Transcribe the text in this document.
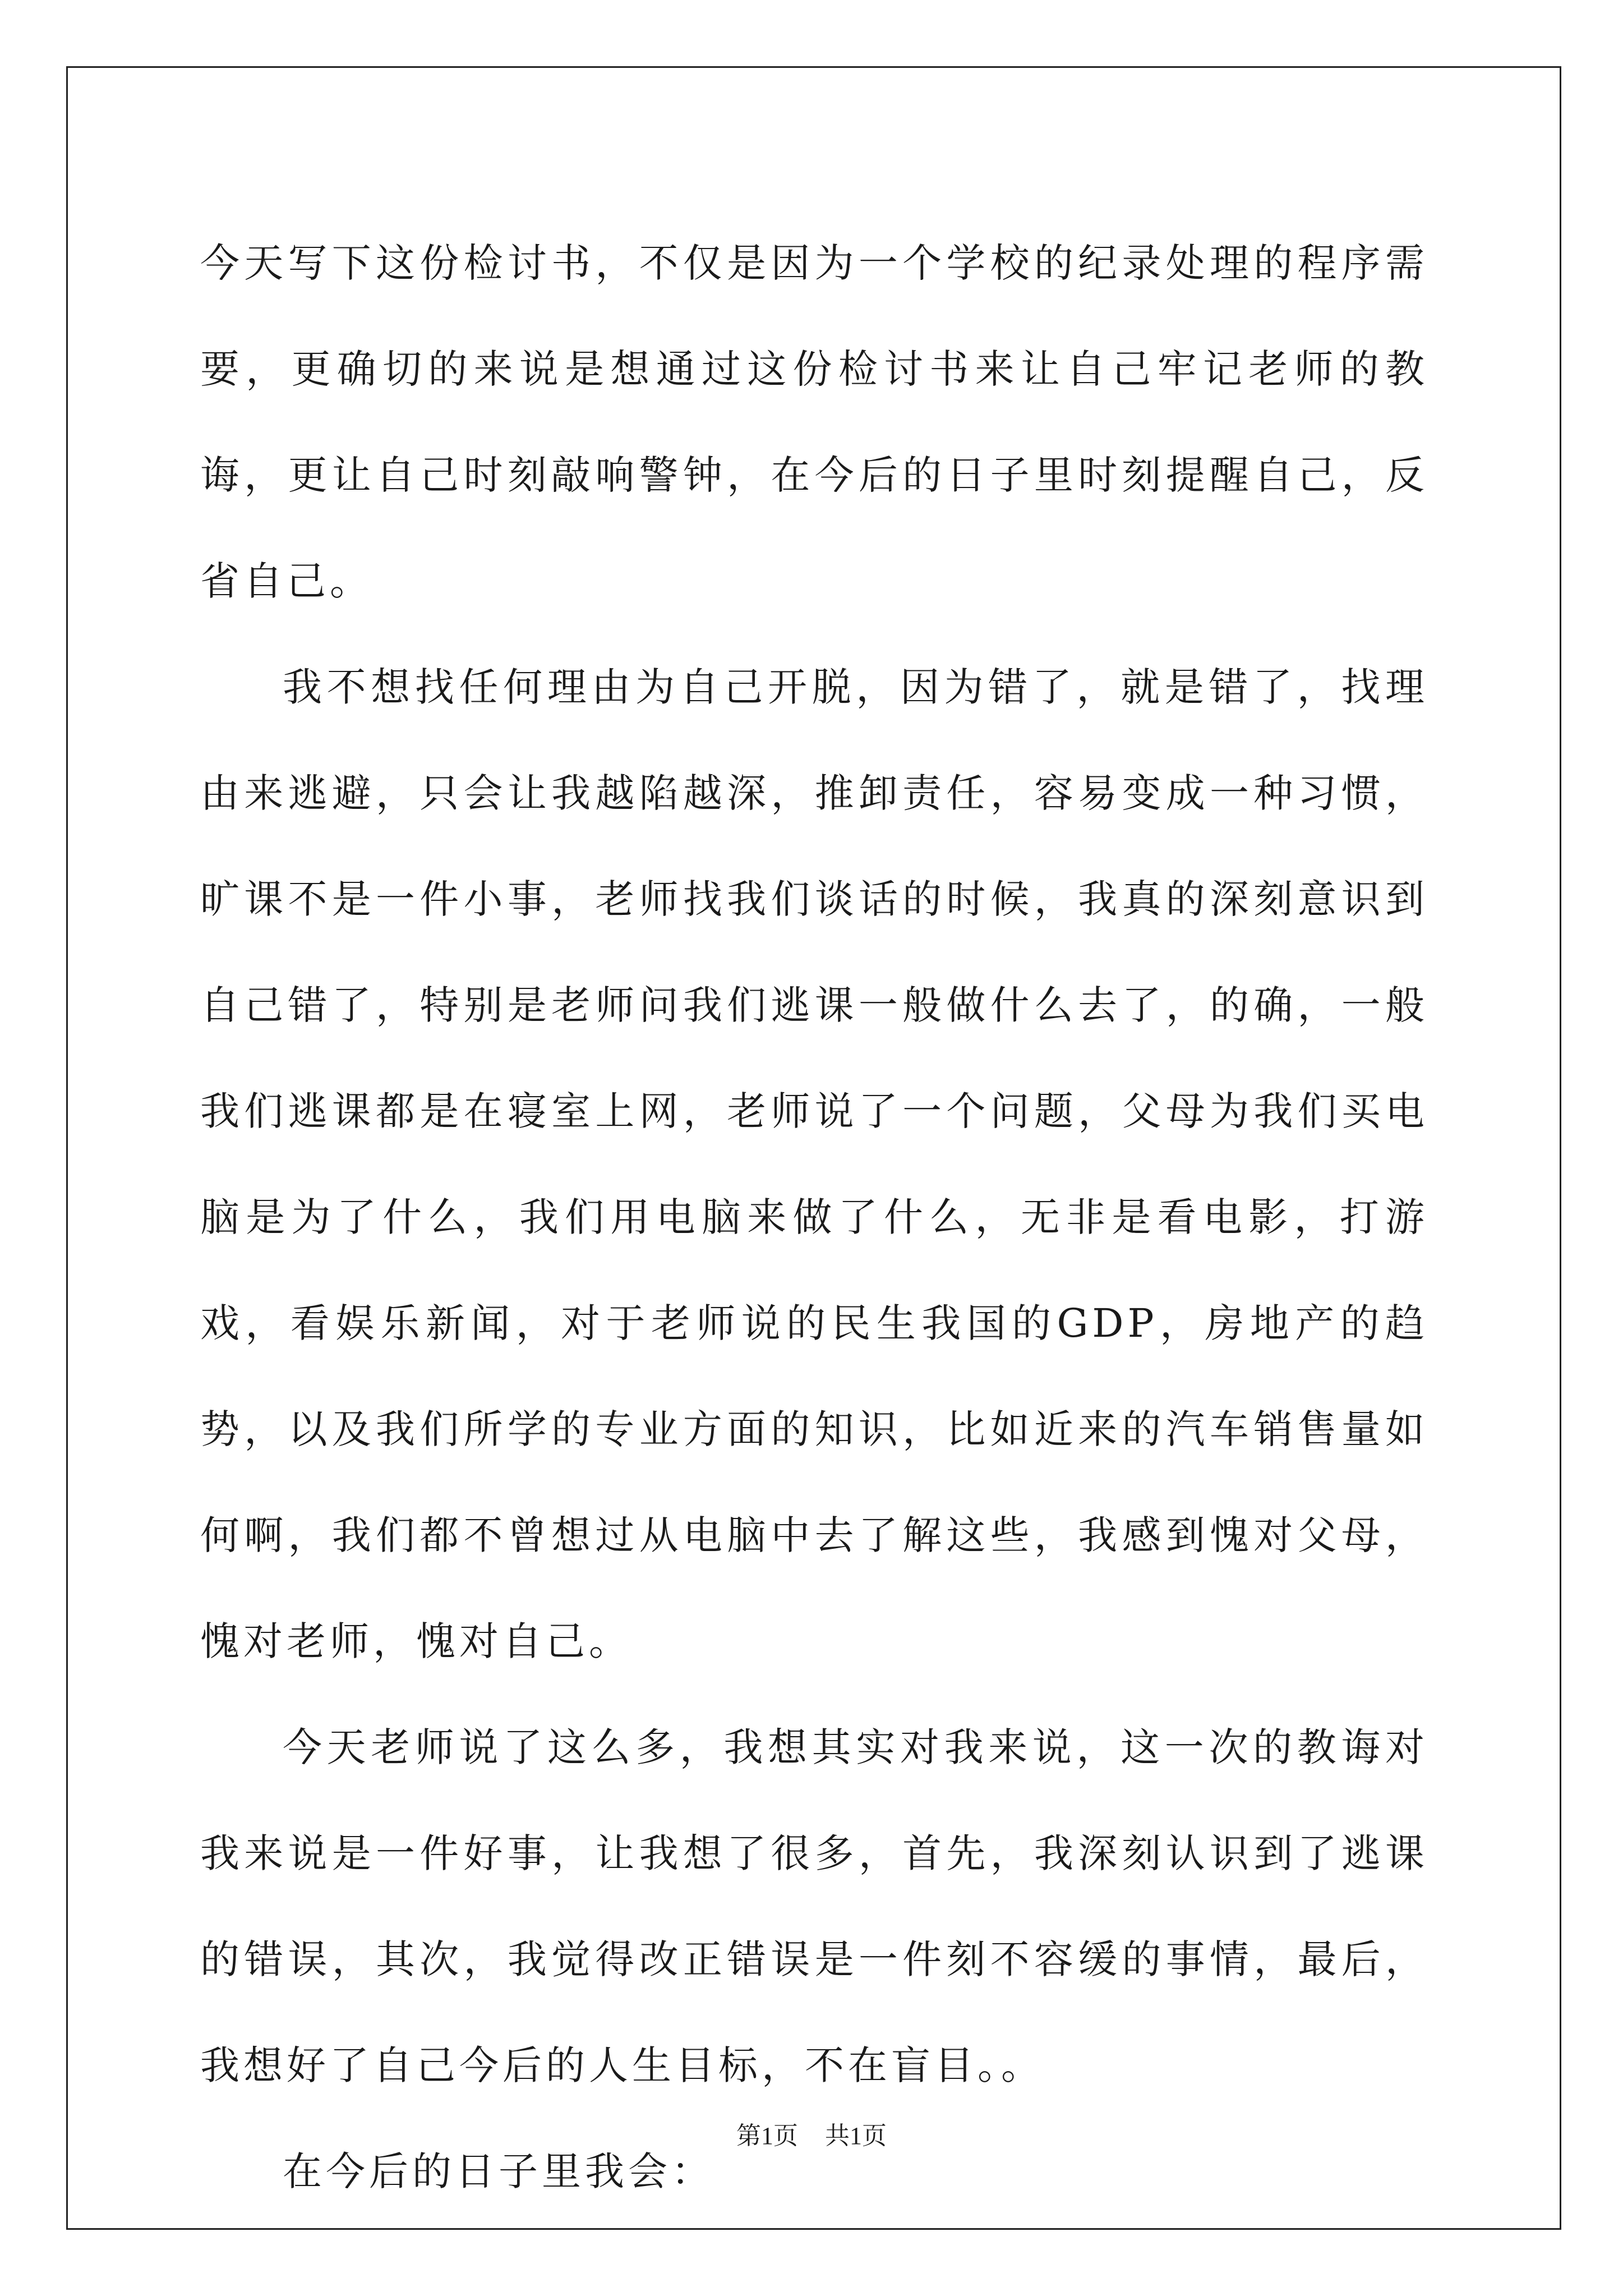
今天写下这份检讨书，不仅是因为一个学校的纪录处理的程序需要，更确切的来说是想通过这份检讨书来让自己牢记老师的教诲，更让自己时刻敲响警钟，在今后的日子里时刻提醒自己，反省自己。

我不想找任何理由为自己开脱，因为错了，就是错了，找理由来逃避，只会让我越陷越深，推卸责任，容易变成一种习惯，旷课不是一件小事，老师找我们谈话的时候，我真的深刻意识到自己错了，特别是老师问我们逃课一般做什么去了，的确，一般我们逃课都是在寝室上网，老师说了一个问题，父母为我们买电脑是为了什么，我们用电脑来做了什么，无非是看电影，打游戏，看娱乐新闻，对于老师说的民生我国的GDP，房地产的趋势，以及我们所学的专业方面的知识，比如近来的汽车销售量如何啊，我们都不曾想过从电脑中去了解这些，我感到愧对父母，愧对老师，愧对自己。

今天老师说了这么多，我想其实对我来说，这一次的教诲对我来说是一件好事，让我想了很多，首先，我深刻认识到了逃课的错误，其次，我觉得改正错误是一件刻不容缓的事情，最后，我想好了自己今后的人生目标，不在盲目。。

在今后的日子里我会：

第1页 共1页
